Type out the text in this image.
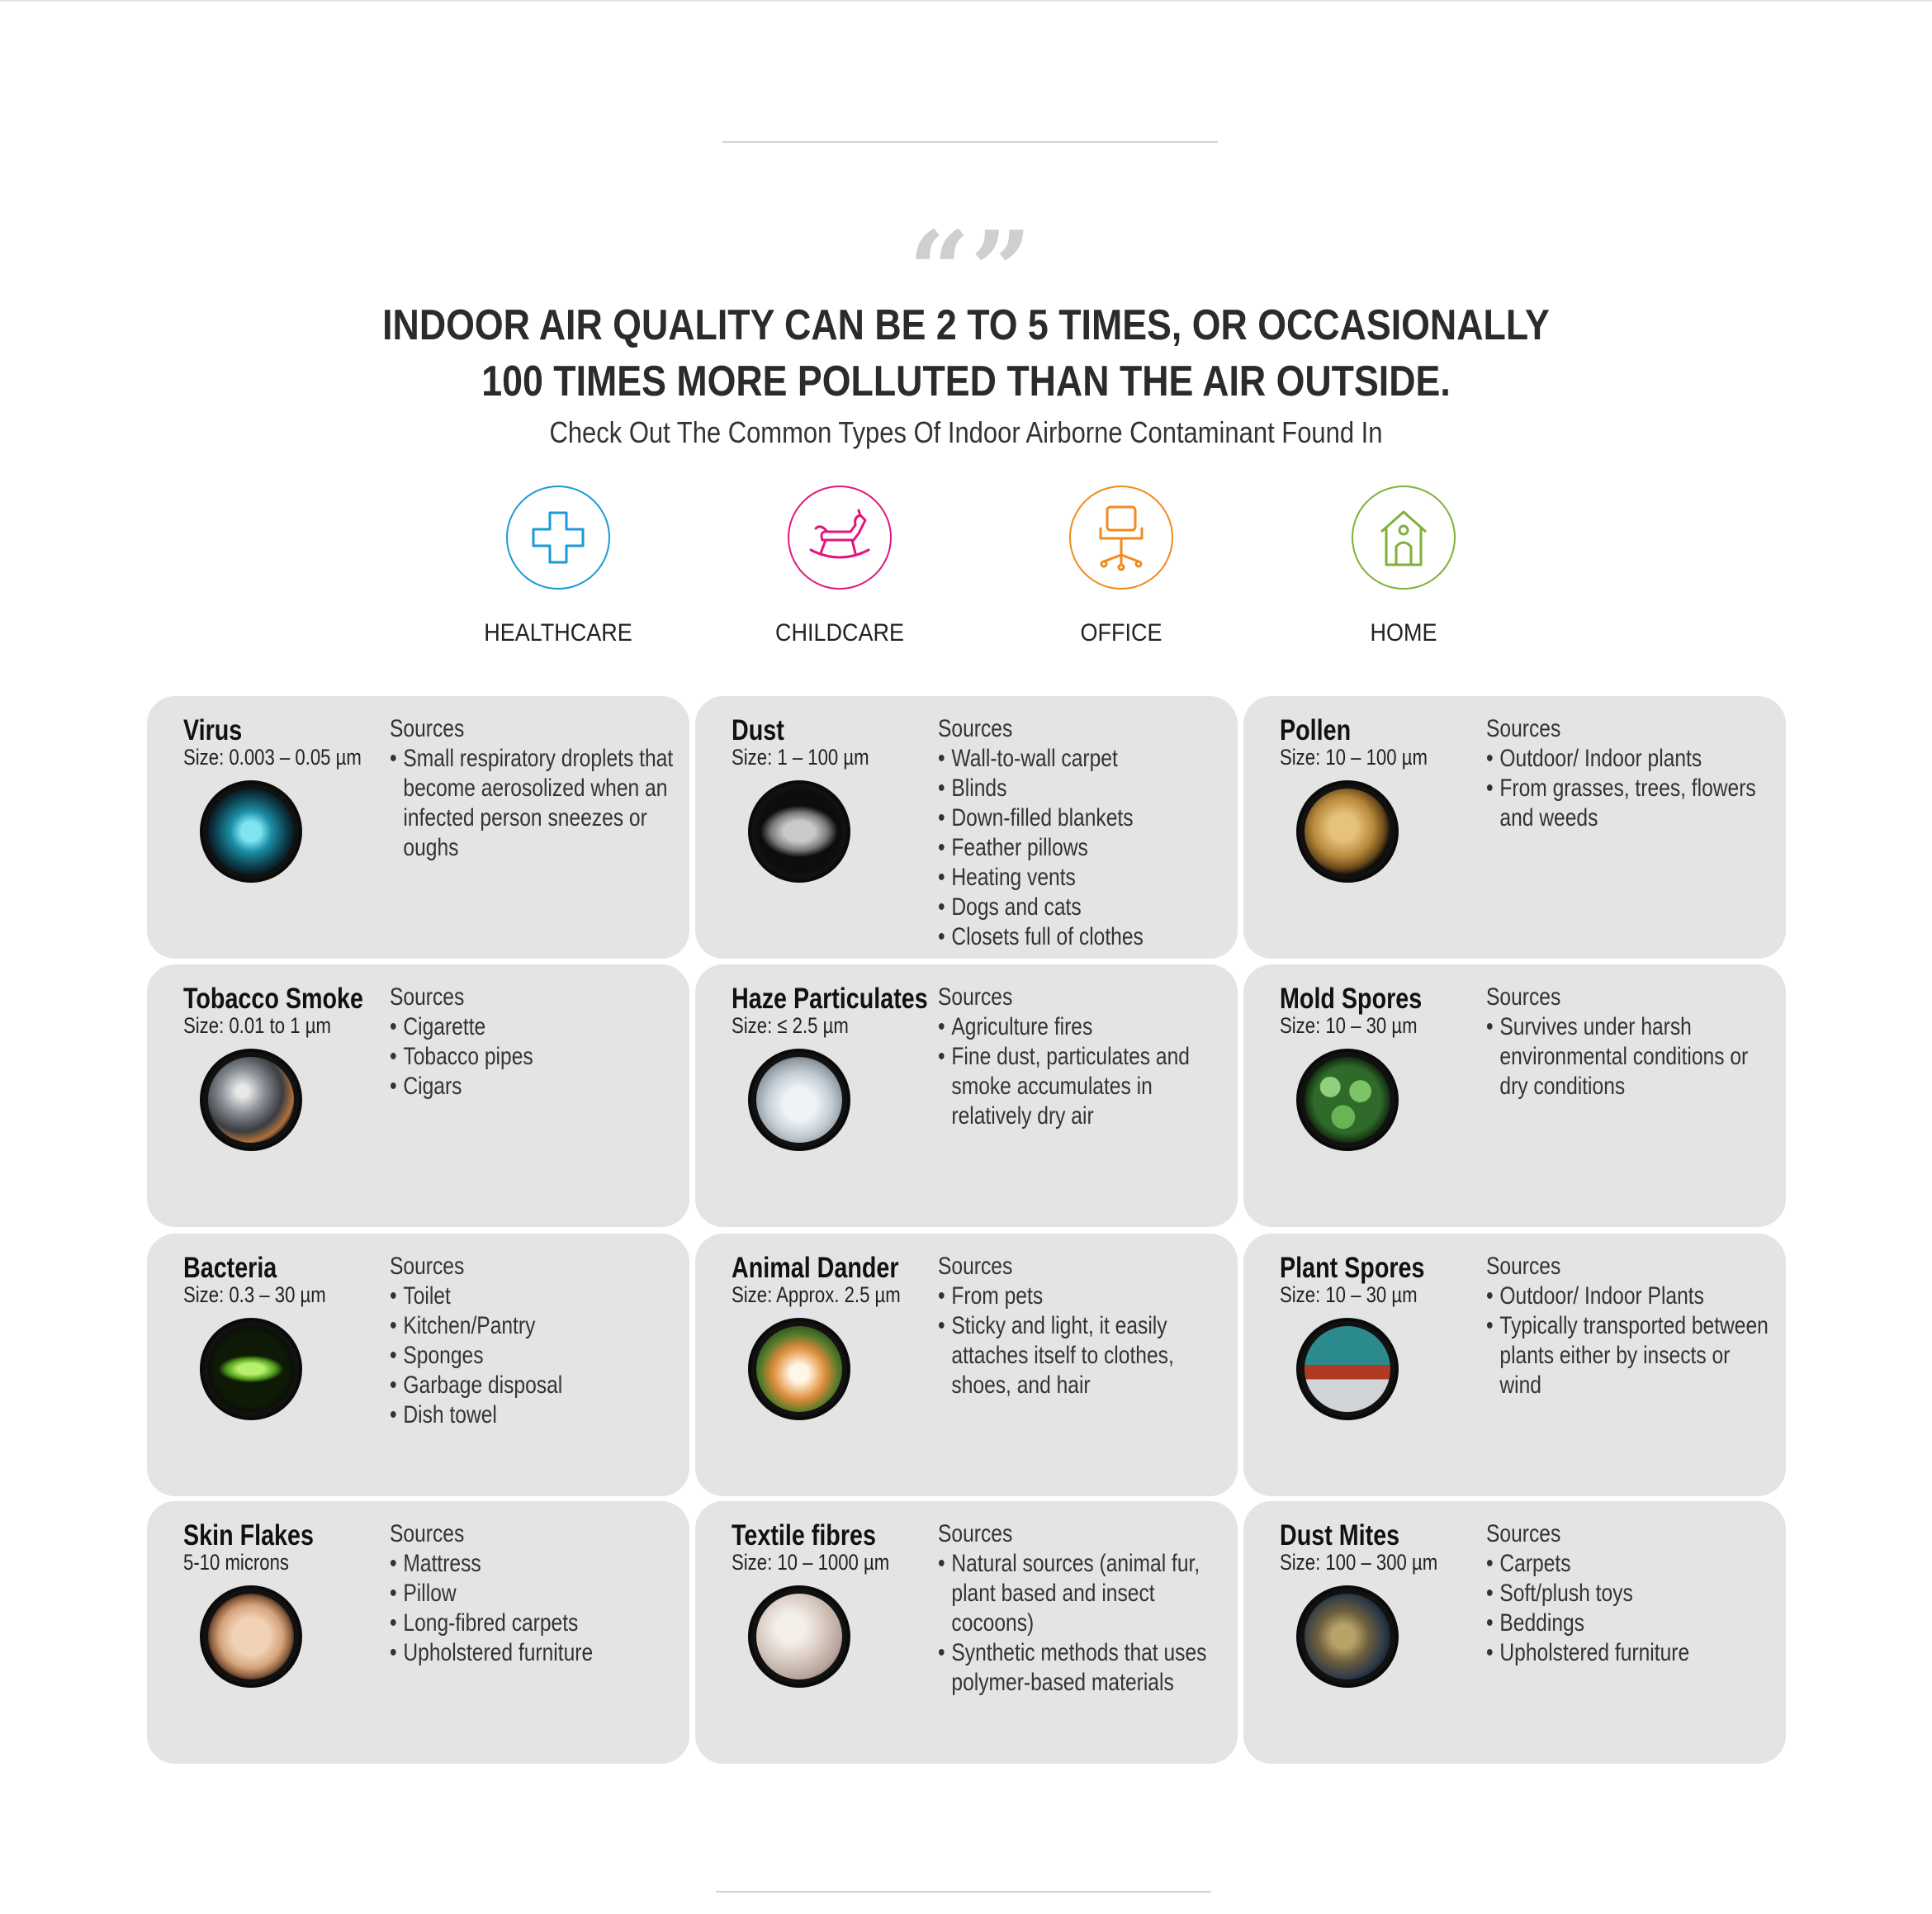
“”
INDOOR AIR QUALITY CAN BE 2 TO 5 TIMES, OR OCCASIONALLY
100 TIMES MORE POLLUTED THAN THE AIR OUTSIDE.
Check Out The Common Types Of Indoor Airborne Contaminant Found In
HEALTHCARE	CHILDCARE	OFFICE	HOME
Virus
Size: 0.003 – 0.05 µm
Sources
• Small respiratory droplets that become aerosolized when an infected person sneezes or oughs
Dust
Size: 1 – 100 µm
Sources
• Wall-to-wall carpet
• Blinds
• Down-filled blankets
• Feather pillows
• Heating vents
• Dogs and cats
• Closets full of clothes
Pollen
Size: 10 – 100 µm
Sources
• Outdoor/ Indoor plants
• From grasses, trees, flowers and weeds
Tobacco Smoke
Size: 0.01 to 1 µm
Sources
• Cigarette
• Tobacco pipes
• Cigars
Haze Particulates
Size: ≤ 2.5 µm
Sources
• Agriculture fires
• Fine dust, particulates and smoke accumulates in relatively dry air
Mold Spores
Size: 10 – 30 µm
Sources
• Survives under harsh environmental conditions or dry conditions
Bacteria
Size: 0.3 – 30 µm
Sources
• Toilet
• Kitchen/Pantry
• Sponges
• Garbage disposal
• Dish towel
Animal Dander
Size: Approx. 2.5 µm
Sources
• From pets
• Sticky and light, it easily attaches itself to clothes, shoes, and hair
Plant Spores
Size: 10 – 30 µm
Sources
• Outdoor/ Indoor Plants
• Typically transported between plants either by insects or wind
Skin Flakes
5-10 microns
Sources
• Mattress
• Pillow
• Long-fibred carpets
• Upholstered furniture
Textile fibres
Size: 10 – 1000 µm
Sources
• Natural sources (animal fur, plant based and insect cocoons)
• Synthetic methods that uses polymer-based materials
Dust Mites
Size: 100 – 300 µm
Sources
• Carpets
• Soft/plush toys
• Beddings
• Upholstered furniture
